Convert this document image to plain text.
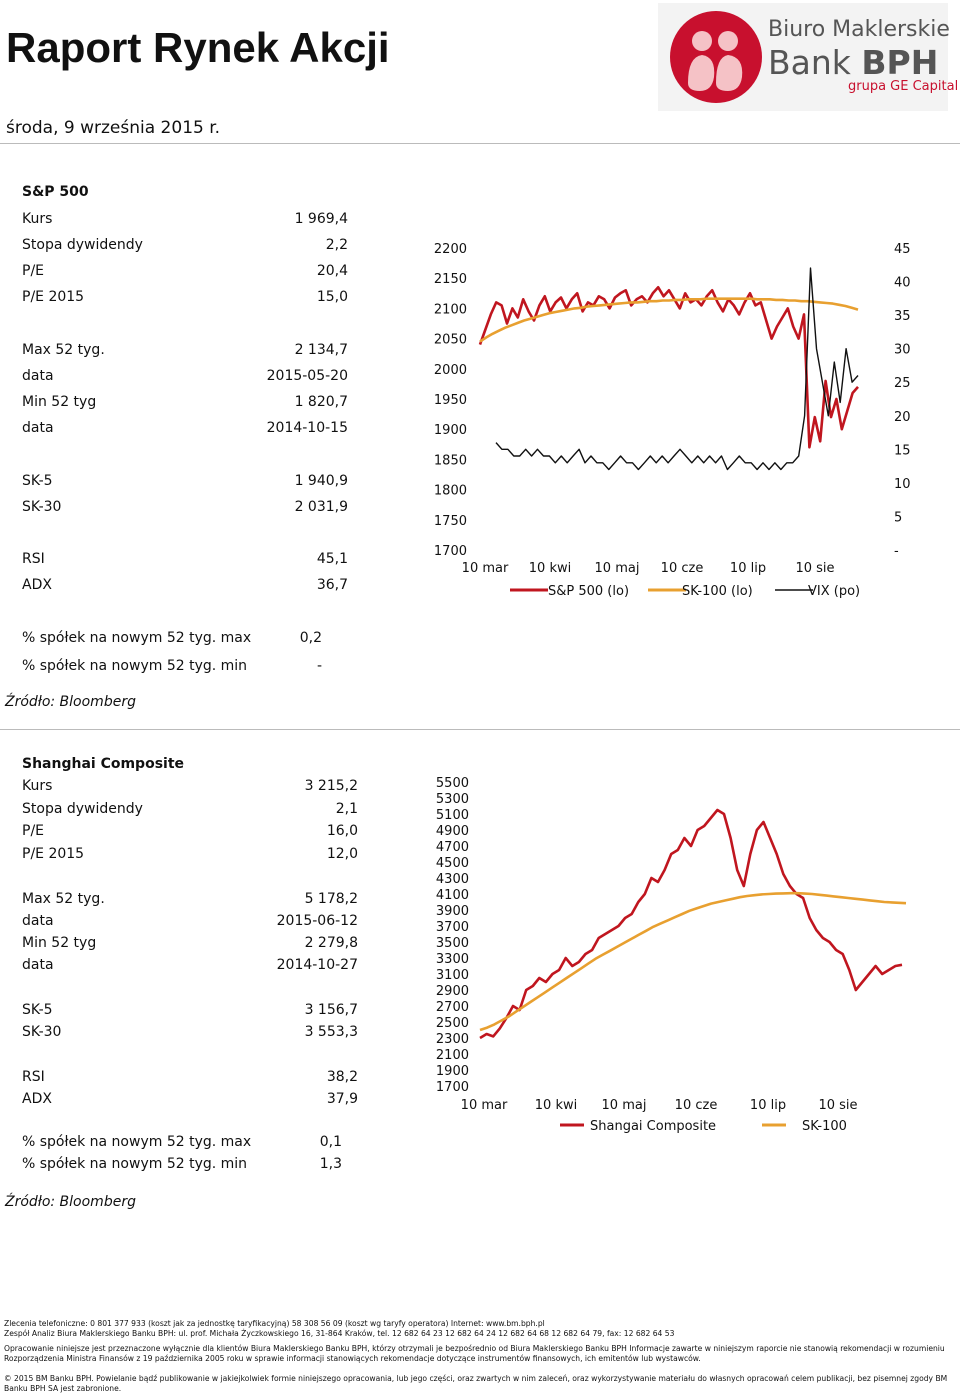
Raport Rynek Akcji
środa, 9 września 2015 r.
Biuro Maklerskie
Bank BPH
grupa GE Capital
S&P 500
Kurs	1 969,4
Stopa dywidendy	2,2
P/E	20,4
P/E 2015	15,0
Max 52 tyg.	2 134,7
data	2015-05-20
Min 52 tyg	1 820,7
data	2014-10-15
SK-5	1 940,9
SK-30	2 031,9
RSI	45,1
ADX	36,7
% spółek na nowym 52 tyg. max	0,2
% spółek na nowym 52 tyg. min	-
Źródło: Bloomberg
Shanghai Composite
Kurs	3 215,2
Stopa dywidendy	2,1
P/E	16,0
P/E 2015	12,0
Max 52 tyg.	5 178,2
data	2015-06-12
Min 52 tyg	2 279,8
data	2014-10-27
SK-5	3 156,7
SK-30	3 553,3
RSI	38,2
ADX	37,9
% spółek na nowym 52 tyg. max	0,1
% spółek na nowym 52 tyg. min	1,3
Źródło: Bloomberg
1700
1750
1800
1850
1900
1950
2000
2050
2100
2150
2200
-
5
10
15
20
25
30
35
40
45
10 mar 10 kwi 10 maj 10 cze 10 lip 10 sie
S&P 500 (lo)	SK-100 (lo)	VIX (po)
5500
5300
5100
4900
4700
4500
4300
4100
3900
3700
3500
3300
3100
2900
2700
2500
2300
2100
1900
1700
10 mar 10 kwi 10 maj 10 cze	10 lip 10 sie
Shangai Composite	SK-100
Zlecenia telefoniczne: 0 801 377 933 (koszt jak za jednostkę taryfikacyjną) 58 308 56 09 (koszt wg taryfy operatora) Internet: www.bm.bph.pl
Zespół Analiz Biura Maklerskiego Banku BPH: ul. prof. Michała Życzkowskiego 16, 31-864 Kraków, tel. 12 682 64 23 12 682 64 24 12 682 64 68 12 682 64 79, fax: 12 682 64 53
Opracowanie niniejsze jest przeznaczone wyłącznie dla klientów Biura Maklerskiego Banku BPH, którzy otrzymali je bezpośrednio od Biura Maklerskiego Banku BPH Informacje zawarte w niniejszym raporcie nie stanowią rekomendacji w rozumieniu
Rozporządzenia Ministra Finansów z 19 października 2005 roku w sprawie informacji stanowiących rekomendacje dotyczące instrumentów finansowych, ich emitentów lub wystawców.
© 2015 BM Banku BPH. Powielanie bądź publikowanie w jakiejkolwiek formie niniejszego opracowania, lub jego części, oraz zwartych w nim zaleceń, oraz wykorzystywanie materiału do własnych opracowań celem publikacji, bez pisemnej zgody BM
Banku BPH SA jest zabronione.
